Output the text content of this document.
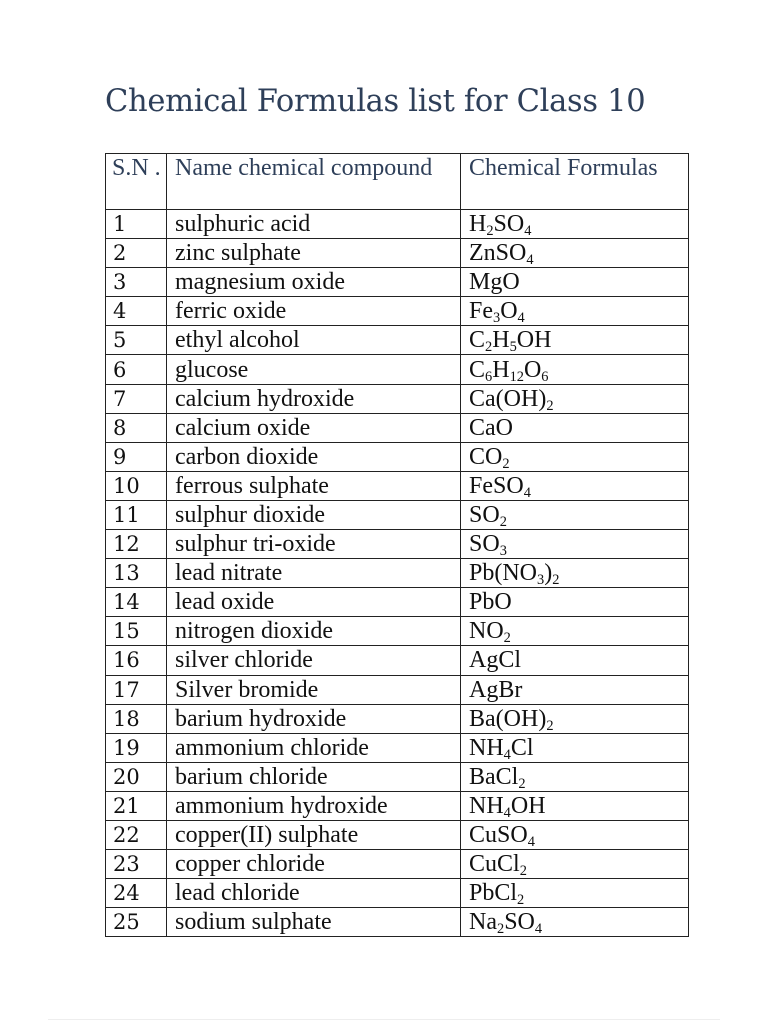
Chemical Formulas list for Class 10
S.N .	Name chemical compound	Chemical Formulas
1	sulphuric acid	$H_2SO_4$
2	zinc sulphate	ZnSO$_4$
3	magnesium oxide	MgO
4	ferric oxide	$Fe_3O_4$
5	ethyl alcohol	$C_2H_5OH$
6	glucose	$C_6H_{12}O_6$
7	calcium hydroxide	$Ca(OH)_2$
8	calcium oxide	CaO
9	carbon dioxide	$CO_2$
10	ferrous sulphate	FeSO$_4$
11	sulphur dioxide	$SO_2$
12	sulphur tri-oxide	$SO_3$
13	lead nitrate	$Pb(NO_3)_2$
14	lead oxide	PbO
15	nitrogen dioxide	$NO_2$
16	silver chloride	AgCl
17	Silver bromide	AgBr
18	barium hydroxide	$Ba(OH)_2$
19	ammonium chloride	$NH_4Cl$
20	barium chloride	BaCl$_2$
21	ammonium hydroxide	$NH_4OH$
22	copper(II) sulphate	CuSO$_4$
23	copper chloride	CuCl$_2$
24	lead chloride	PbCl$_2$
25	sodium sulphate	$Na_2SO_4$
